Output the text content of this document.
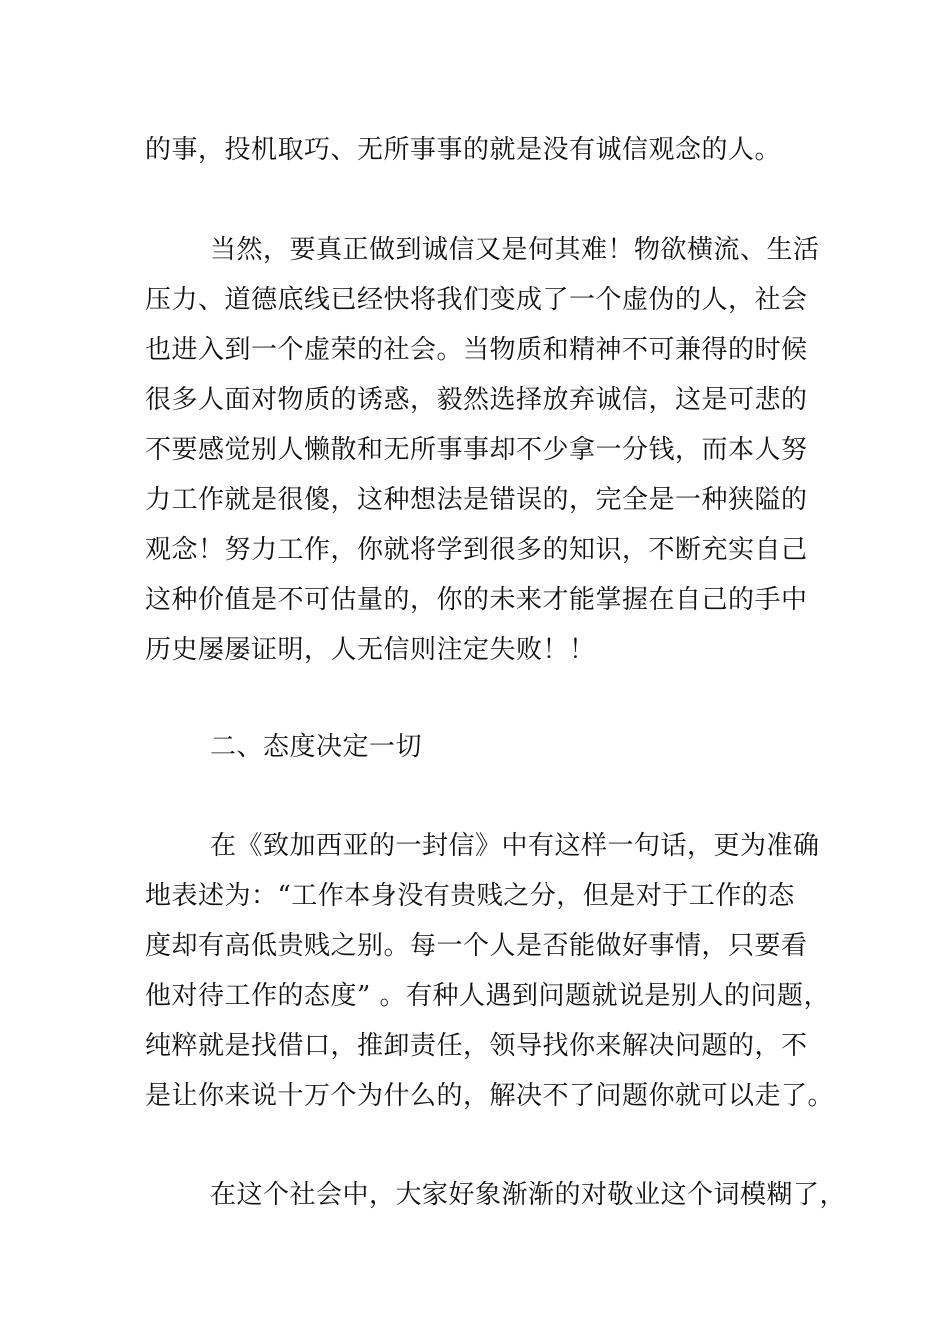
的事，投机取巧、无所事事的就是没有诚信观念的人。
当然，要真正做到诚信又是何其难！物欲横流、生活
压力、道德底线已经快将我们变成了一个虚伪的人，社会
也进入到一个虚荣的社会。当物质和精神不可兼得的时候
很多人面对物质的诱惑，毅然选择放弃诚信，这是可悲的
不要感觉别人懒散和无所事事却不少拿一分钱，而本人努
力工作就是很傻，这种想法是错误的，完全是一种狭隘的
观念！努力工作，你就将学到很多的知识，不断充实自己
这种价值是不可估量的，你的未来才能掌握在自己的手中
历史屡屡证明，人无信则注定失败！！
二、态度决定一切
在《致加西亚的一封信》中有这样一句话，更为准确
地表述为：“工作本身没有贵贱之分，但是对于工作的态
度却有高低贵贱之别。每一个人是否能做好事情，只要看
他对待工作的态度” 。有种人遇到问题就说是别人的问题，
纯粹就是找借口，推卸责任，领导找你来解决问题的，不
是让你来说十万个为什么的，解决不了问题你就可以走了。
在这个社会中，大家好象渐渐的对敬业这个词模糊了，
